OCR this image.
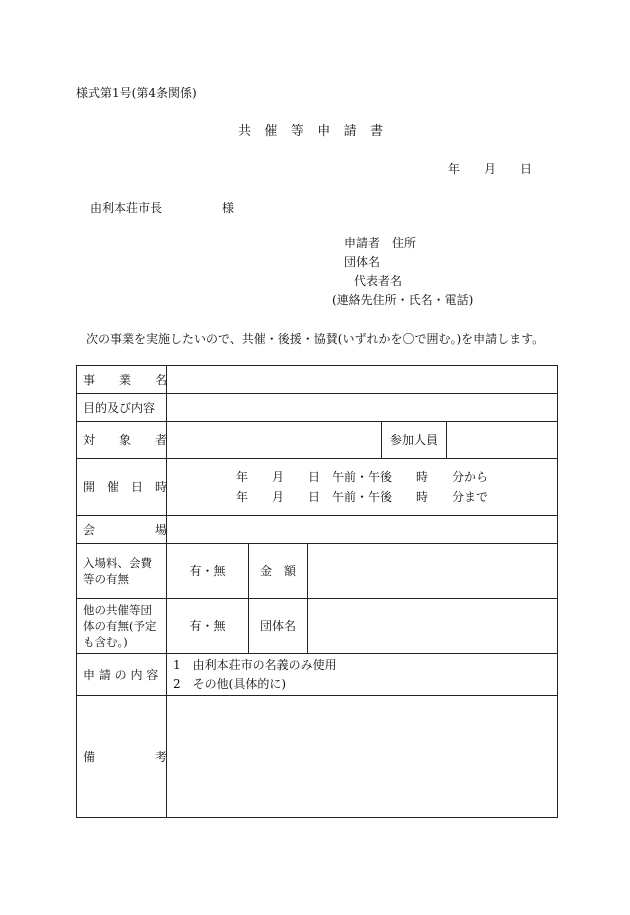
様式第1号(第4条関係)
共　催　等　申　請　書
年　　月　　日
由利本荘市長　　　　　様
申請者　住所
団体名
代表者名
(連絡先住所・氏名・電話)
次の事業を実施したいので、共催・後援・協賛(いずれかを〇で囲む。)を申請します。
事　　業　　名					
目的及び内容					
対　　象　　者				参加人員	
開　催　日　時	年　　月　　日　午前・午後　　時　　分から
年　　月　　日　午前・午後　　時　　分まで				

会　　　　　場					
入場料、会費等の有無	有・無	金　額			
他の共催等団体の有無(予定も含む。)	有・無	団体名			
申 請 の 内 容	1　由利本荘市の名義のみ使用
2　その他(具体的に)				

備　　　　　考					
